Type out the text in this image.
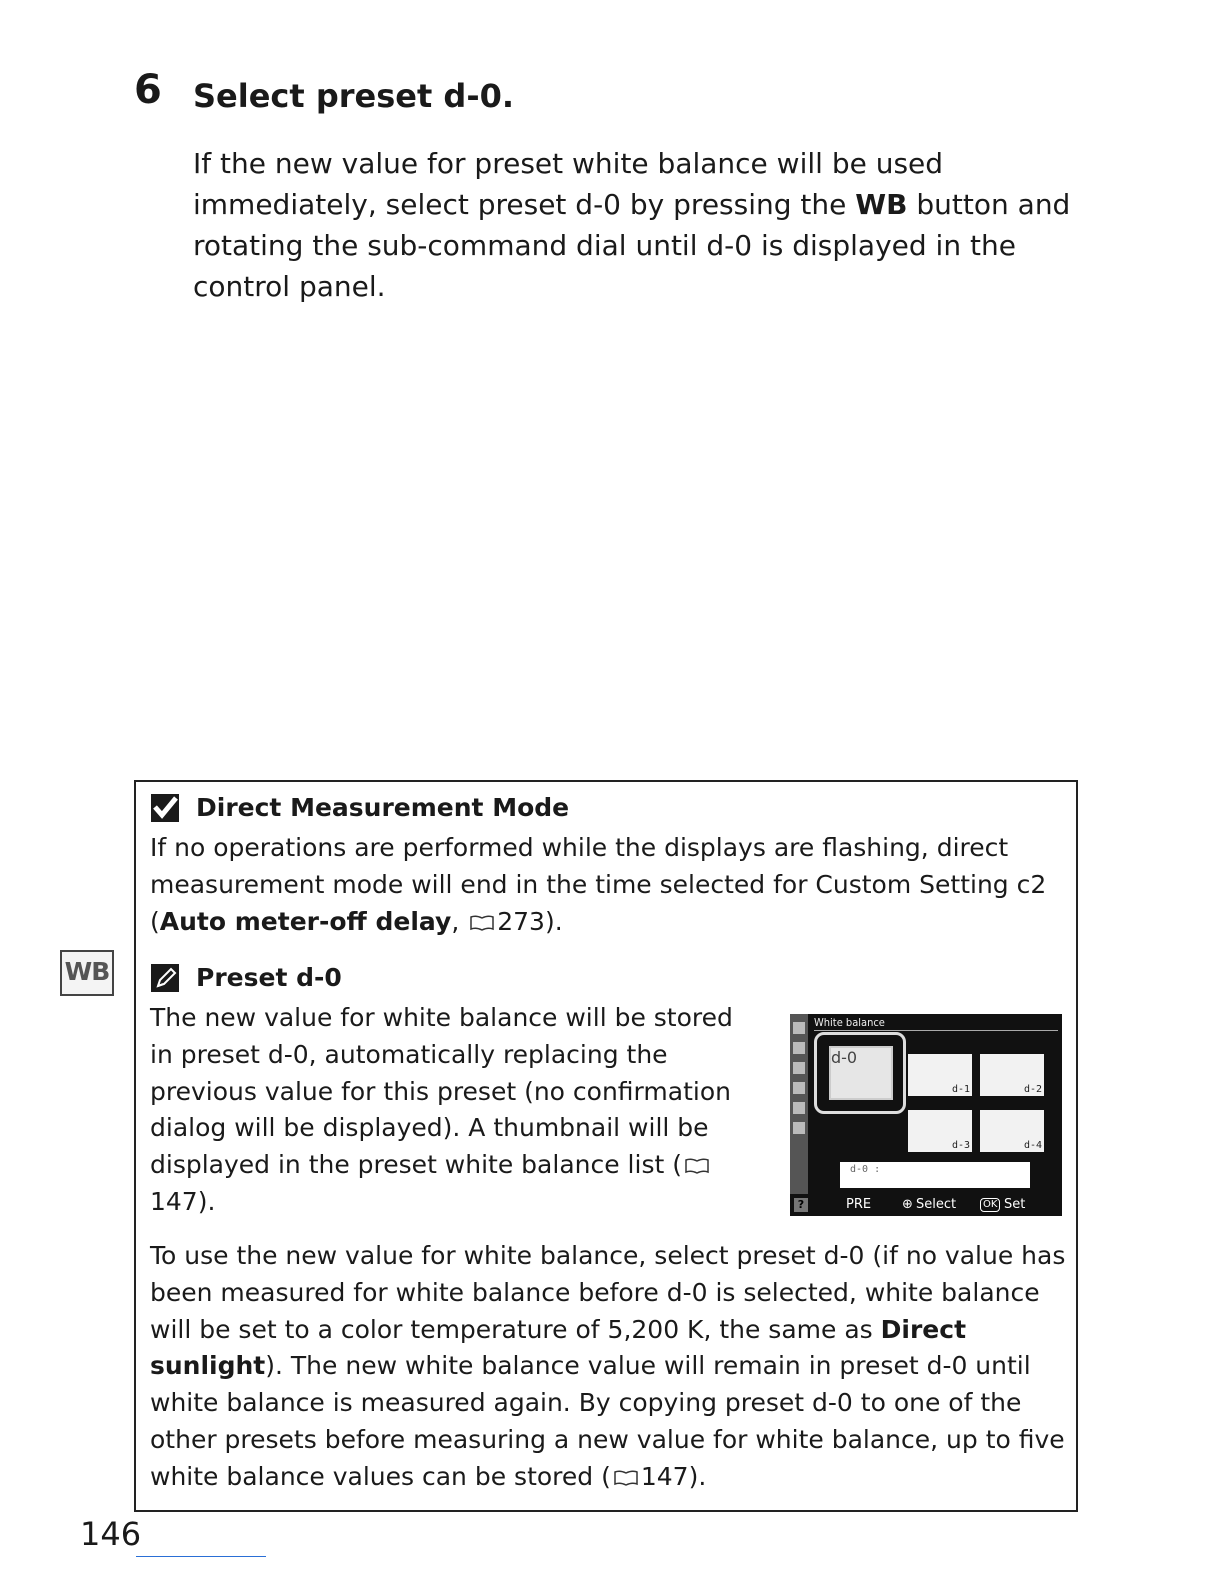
6 Select preset d-0.
If the new value for preset white balance will be used immediately, select preset d-0 by pressing the WB button and rotating the sub-command dial until d-0 is displayed in the control panel.
Direct Measurement Mode
If no operations are performed while the displays are flashing, direct measurement mode will end in the time selected for Custom Setting c2 (Auto meter-off delay, 273).
Preset d-0
The new value for white balance will be stored in preset d-0, automatically replacing the previous value for this preset (no confirmation dialog will be displayed). A thumbnail will be displayed in the preset white balance list (147).
White balance
d-0
d-1	d-2
d-3	d-4
d-0 :
?	PRE ⊕ Select	OK Set
To use the new value for white balance, select preset d-0 (if no value has been measured for white balance before d-0 is selected, white balance will be set to a color temperature of 5,200 K, the same as Direct sunlight). The new white balance value will remain in preset d-0 until white balance is measured again. By copying preset d-0 to one of the other presets before measuring a new value for white balance, up to five white balance values can be stored ( 147).
WB
146
